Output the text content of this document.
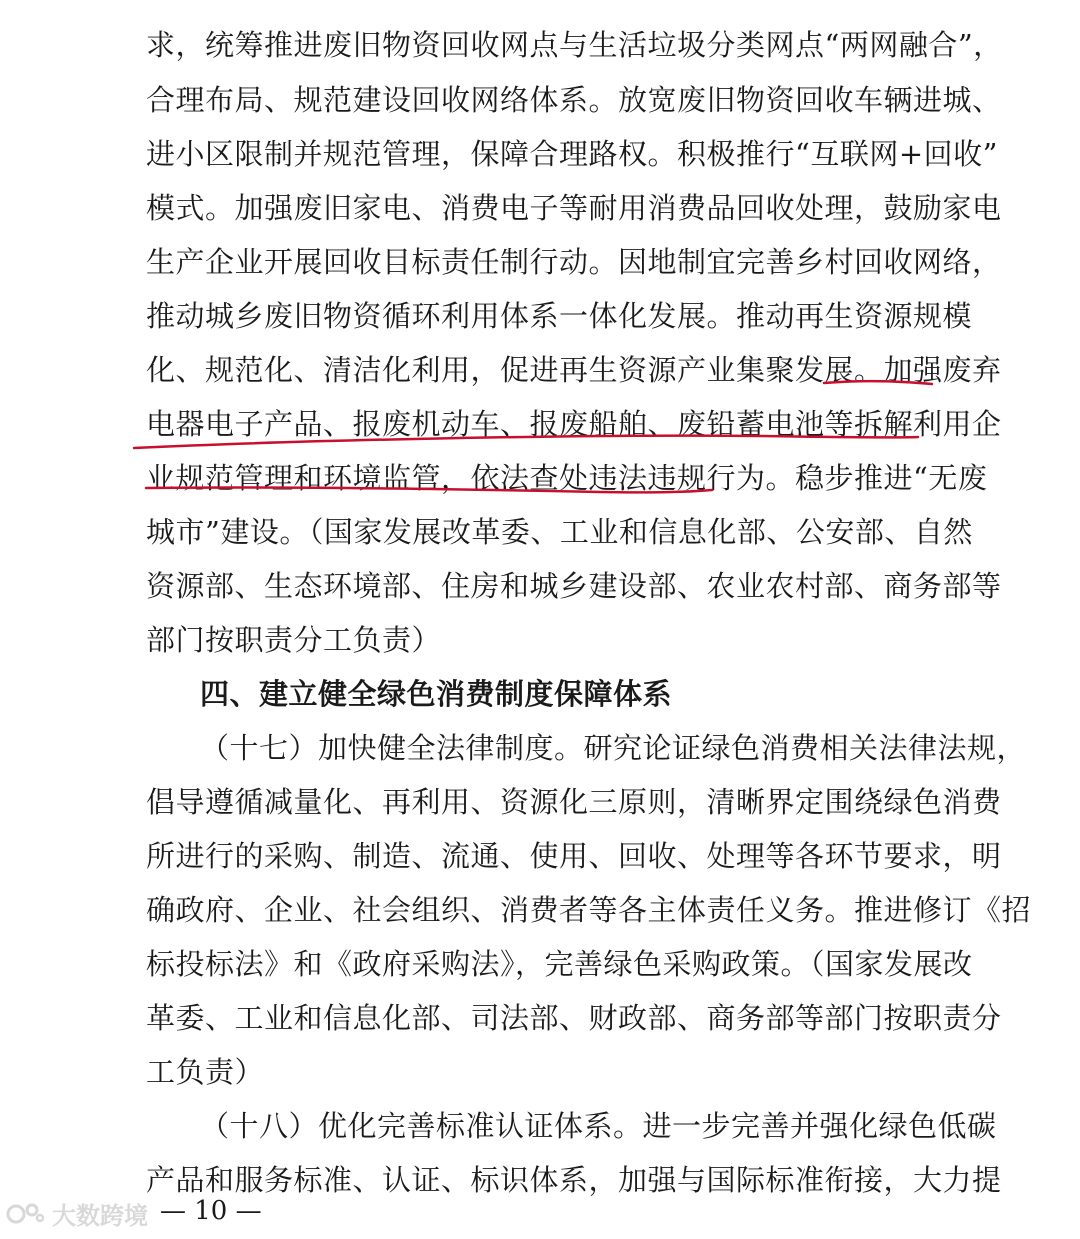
求，统筹推进废旧物资回收网点与生活垃圾分类网点“两网融合”，
合理布局、规范建设回收网络体系。放宽废旧物资回收车辆进城、
进小区限制并规范管理，保障合理路权。积极推行“互联网+回收”
模式。加强废旧家电、消费电子等耐用消费品回收处理，鼓励家电
生产企业开展回收目标责任制行动。因地制宜完善乡村回收网络，
推动城乡废旧物资循环利用体系一体化发展。推动再生资源规模
化、规范化、清洁化利用，促进再生资源产业集聚发展。加强废弃
电器电子产品、报废机动车、报废船舶、废铅蓄电池等拆解利用企
业规范管理和环境监管，依法查处违法违规行为。稳步推进“无废
城市”建设。（国家发展改革委、工业和信息化部、公安部、自然
资源部、生态环境部、住房和城乡建设部、农业农村部、商务部等
部门按职责分工负责）
四、建立健全绿色消费制度保障体系
（十七）加快健全法律制度。研究论证绿色消费相关法律法规，
倡导遵循减量化、再利用、资源化三原则，清晰界定围绕绿色消费
所进行的采购、制造、流通、使用、回收、处理等各环节要求，明
确政府、企业、社会组织、消费者等各主体责任义务。推进修订《招
标投标法》和《政府采购法》，完善绿色采购政策。（国家发展改
革委、工业和信息化部、司法部、财政部、商务部等部门按职责分
工负责）
（十八）优化完善标准认证体系。进一步完善并强化绿色低碳
产品和服务标准、认证、标识体系，加强与国际标准衔接，大力提
— 10 —
大数跨境
